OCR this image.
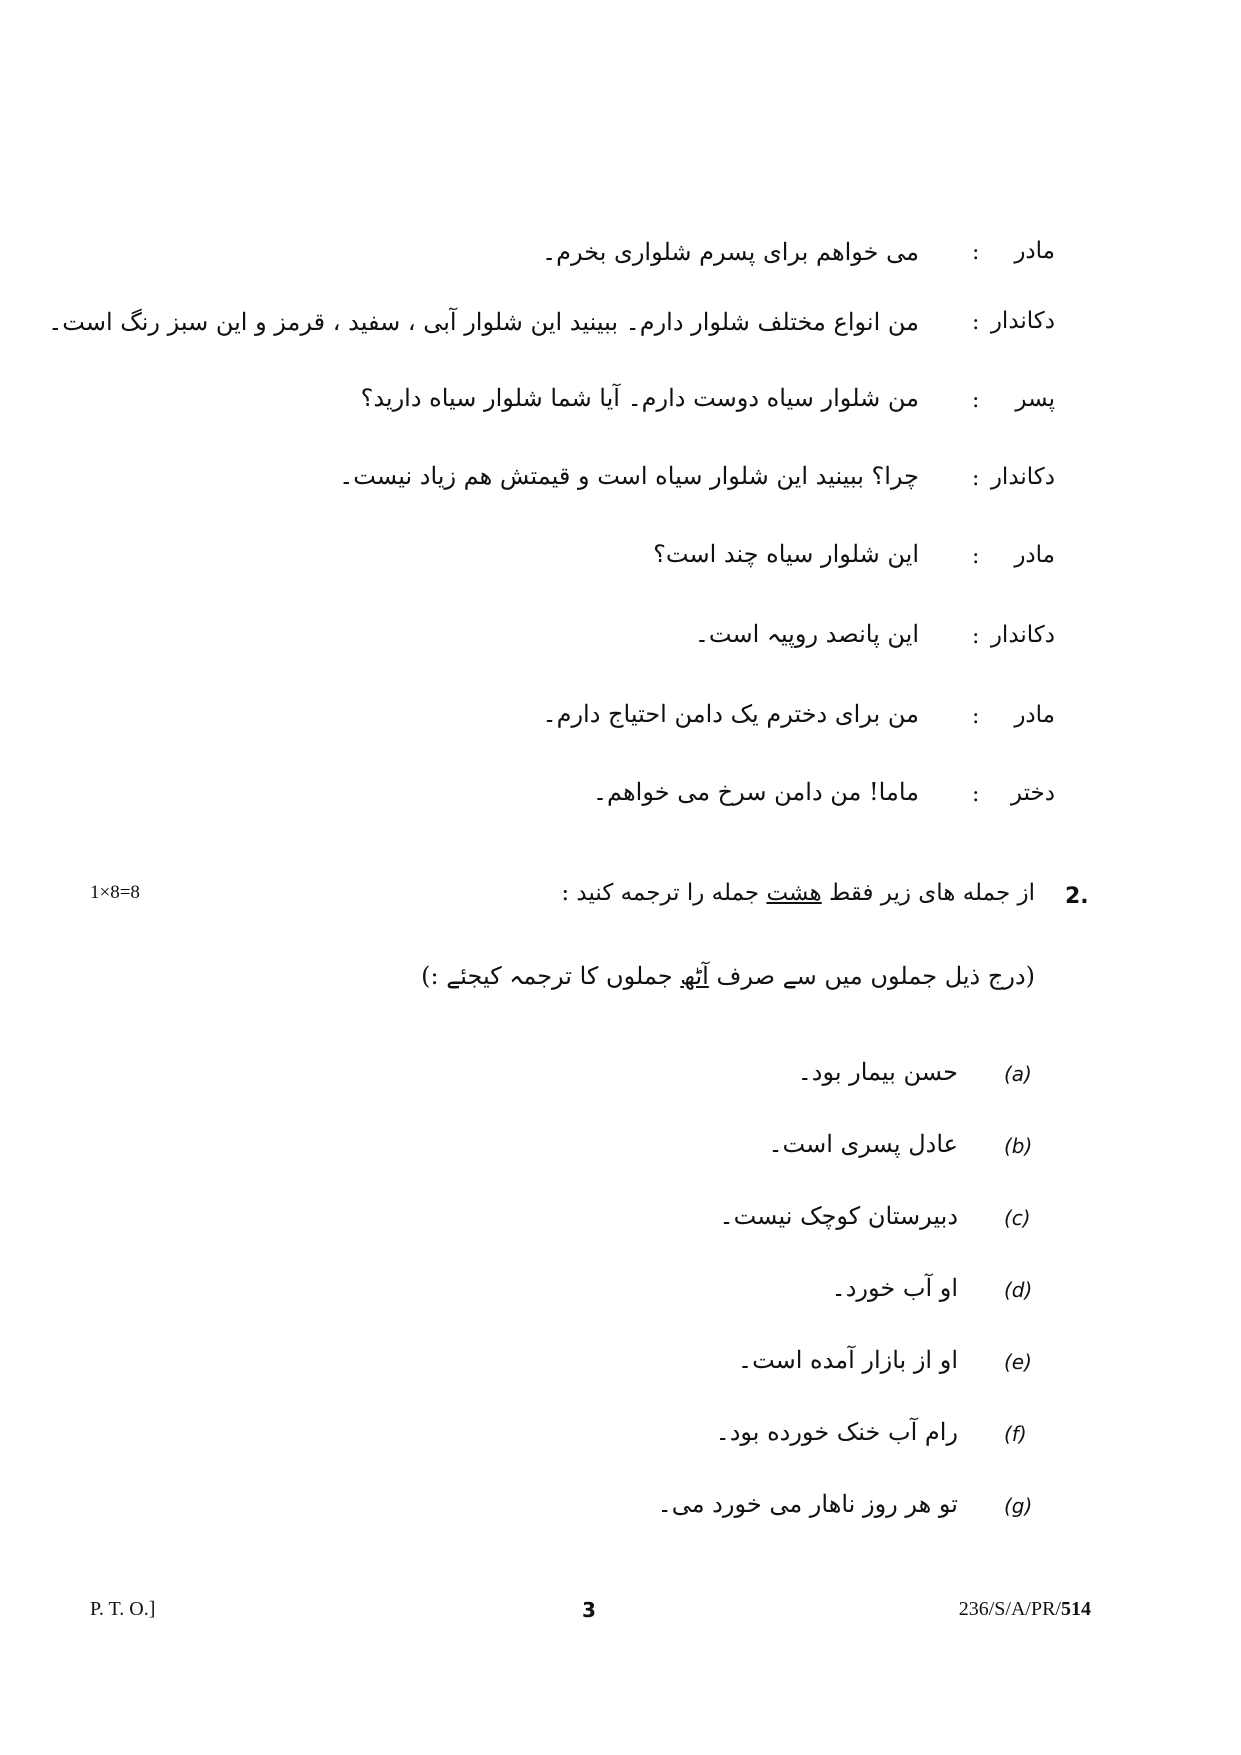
مادر
:
می خواهم برای پسرم شلواری بخرم۔
دکاندار
:
من انواع مختلف شلوار دارم۔ ببینید این شلوار آبی ، سفید ، قرمز و این سبز رنگ است۔
پسر
:
من شلوار سیاه دوست دارم۔ آیا شما شلوار سیاه دارید؟
دکاندار
:
چرا؟ ببینید این شلوار سیاه است و قیمتش هم زیاد نیست۔
مادر
:
این شلوار سیاه چند است؟
دکاندار
:
این پانصد روپیہ است۔
مادر
:
من برای دخترم یک دامن احتیاج دارم۔
دختر
:
ماما! من دامن سرخ می خواهم۔
2.
از جمله های زیر فقط هشت جمله را ترجمه کنید :
1×8=8
(درج ذیل جملوں میں سے صرف آٹھ جملوں کا ترجمہ کیجئے :)
(a)
حسن بیمار بود۔
(b)
عادل پسری است۔
(c)
دبیرستان کوچک نیست۔
(d)
او آب خورد۔
(e)
او از بازار آمده است۔
(f)
رام آب خنک خورده بود۔
(g)
تو هر روز ناهار می خورد می۔
P. T. O.]	3	236/S/A/PR/514
